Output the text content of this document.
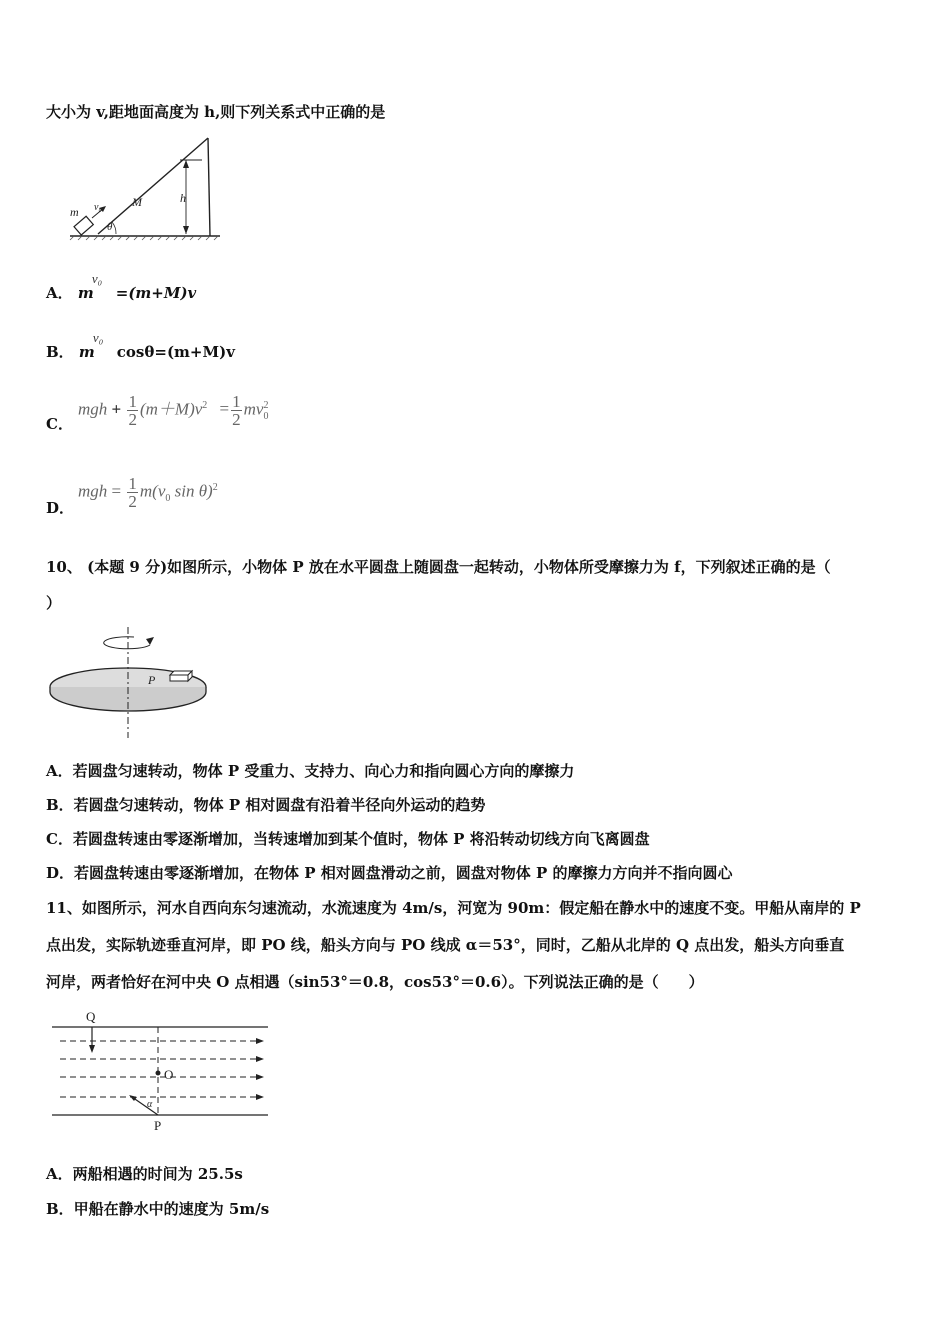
大小为 v,距地面高度为 h,则下列关系式中正确的是
h
m v₀	M
θ
A． m
v₀
=(m+M)v
B． m
v₀
cosθ=(m+M)v
C．
mgh + $\frac{1}{2} (m+M)v^2 = \frac{1}{2} mv_0^2$
D．
mgh = $\frac{1}{2} m(v_0$ sin θ)$^2$
10、 (本题 9 分)如图所示，小物体 P 放在水平圆盘上随圆盘一起转动，小物体所受摩擦力为 f，下列叙述正确的是（
）
P
A．若圆盘匀速转动，物体 P 受重力、支持力、向心力和指向圆心方向的摩擦力
B．若圆盘匀速转动，物体 P 相对圆盘有沿着半径向外运动的趋势
C．若圆盘转速由零逐渐增加，当转速增加到某个值时，物体 P 将沿转动切线方向飞离圆盘
D．若圆盘转速由零逐渐增加，在物体 P 相对圆盘滑动之前，圆盘对物体 P 的摩擦力方向并不指向圆心
11、如图所示，河水自西向东匀速流动，水流速度为 4m/s，河宽为 90m：假定船在静水中的速度不变。甲船从南岸的 P
点出发，实际轨迹垂直河岸，即 PO 线，船头方向与 PO 线成 α＝53°，同时，乙船从北岸的 Q 点出发，船头方向垂直
河岸，两者恰好在河中央 O 点相遇（sin53°＝0.8，cos53°＝0.6）。下列说法正确的是（　　）
Q
O
P
α
A．两船相遇的时间为 25.5s
B．甲船在静水中的速度为 5m/s
